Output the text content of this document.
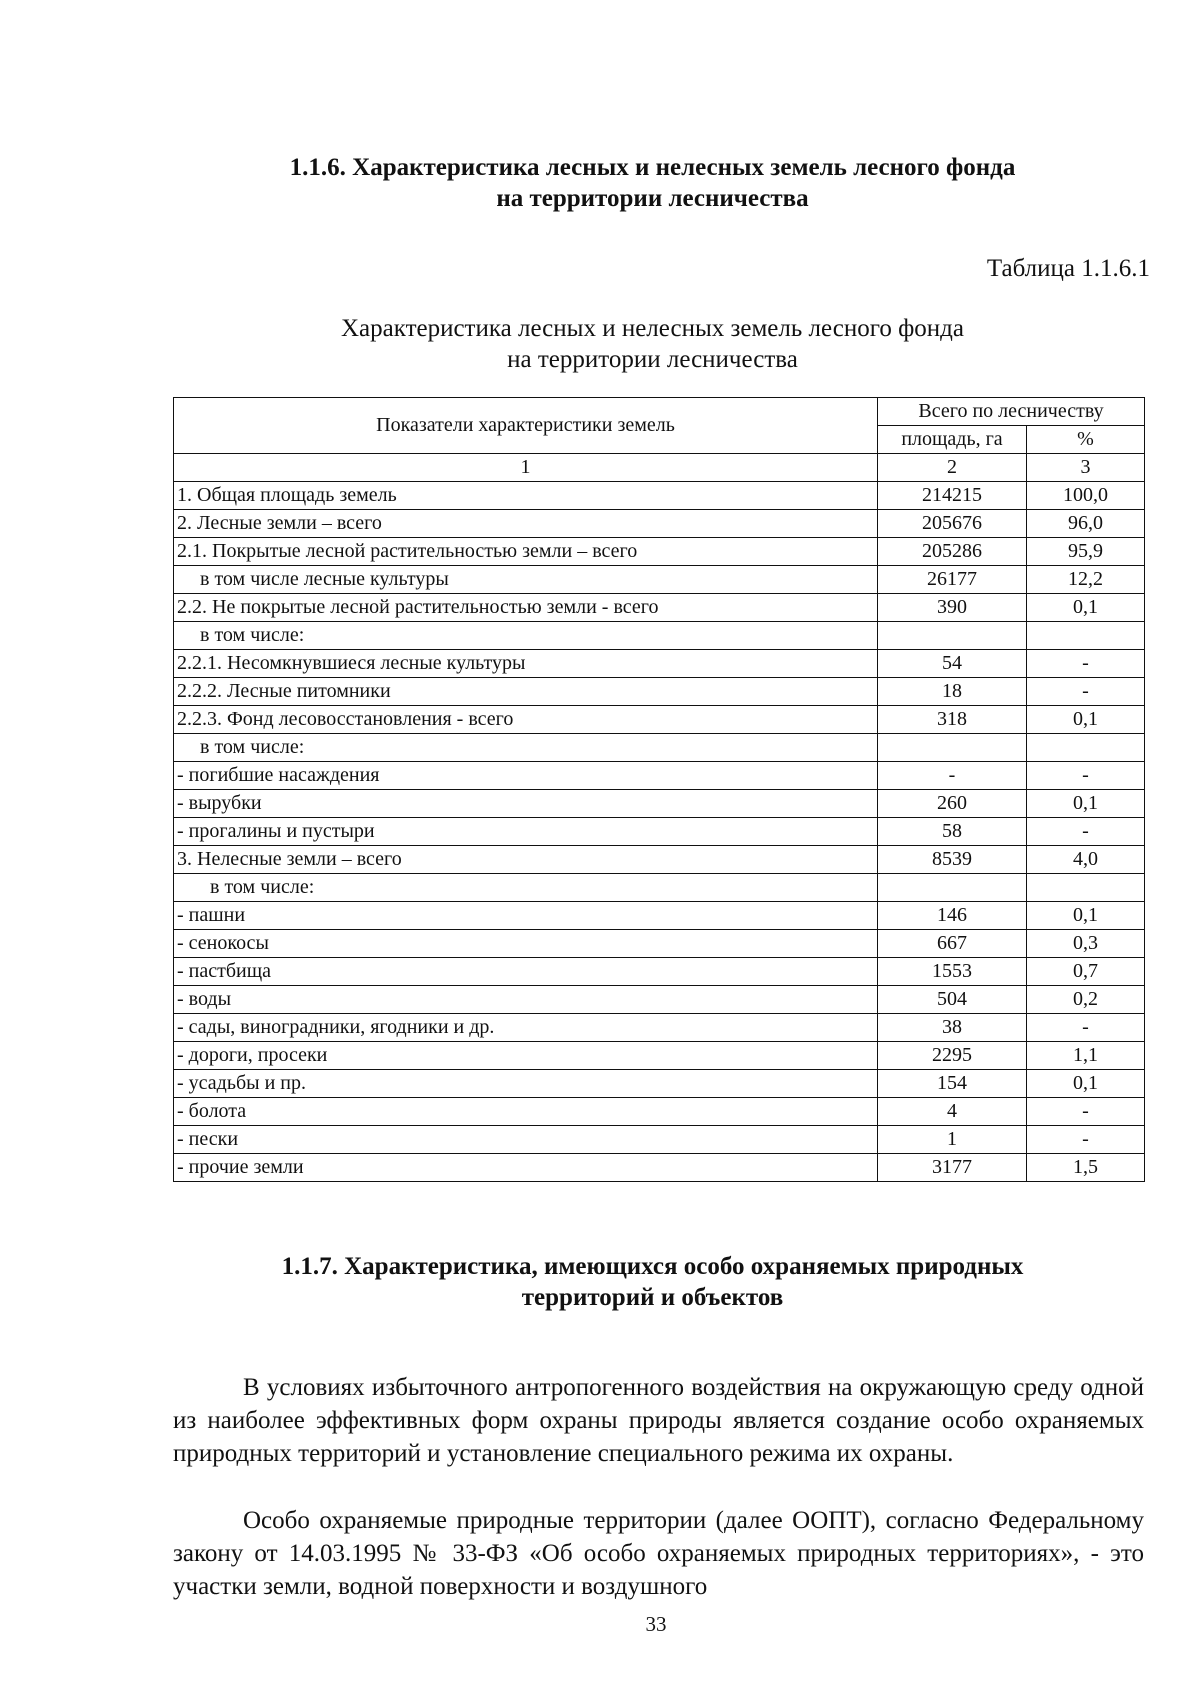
1.1.6. Характеристика лесных и нелесных земель лесного фонда
на территории лесничества
Таблица 1.1.6.1
Характеристика лесных и нелесных земель лесного фонда
на территории лесничества
Показатели характеристики земель	Всего по лесничеству	
	площадь, га	%
1	2	3
1. Общая площадь земель	214215	100,0
2. Лесные земли – всего	205676	96,0
2.1. Покрытые лесной растительностью земли – всего	205286	95,9
в том числе лесные культуры	26177	12,2
2.2. Не покрытые лесной растительностью земли - всего	390	0,1
в том числе:		
2.2.1. Несомкнувшиеся лесные культуры	54	-
2.2.2. Лесные питомники	18	-
2.2.3. Фонд лесовосстановления - всего	318	0,1
в том числе:		
- погибшие насаждения	-	-
- вырубки	260	0,1
- прогалины и пустыри	58	-
3. Нелесные земли – всего	8539	4,0
в том числе:		
- пашни	146	0,1
- сенокосы	667	0,3
- пастбища	1553	0,7
- воды	504	0,2
- сады, виноградники, ягодники и др.	38	-
- дороги, просеки	2295	1,1
- усадьбы и пр.	154	0,1
- болота	4	-
- пески	1	-
- прочие земли	3177	1,5
1.1.7. Характеристика, имеющихся особо охраняемых природных
территорий и объектов

В условиях избыточного антропогенного воздействия на окружающую среду одной из наиболее эффективных форм охраны природы является создание особо охраняемых природных территорий и установление специального режима их охраны.

Особо охраняемые природные территории (далее ООПТ), согласно Федеральному закону от 14.03.1995 № 33-ФЗ «Об особо охраняемых природных территориях», - это участки земли, водной поверхности и воздушного

33
